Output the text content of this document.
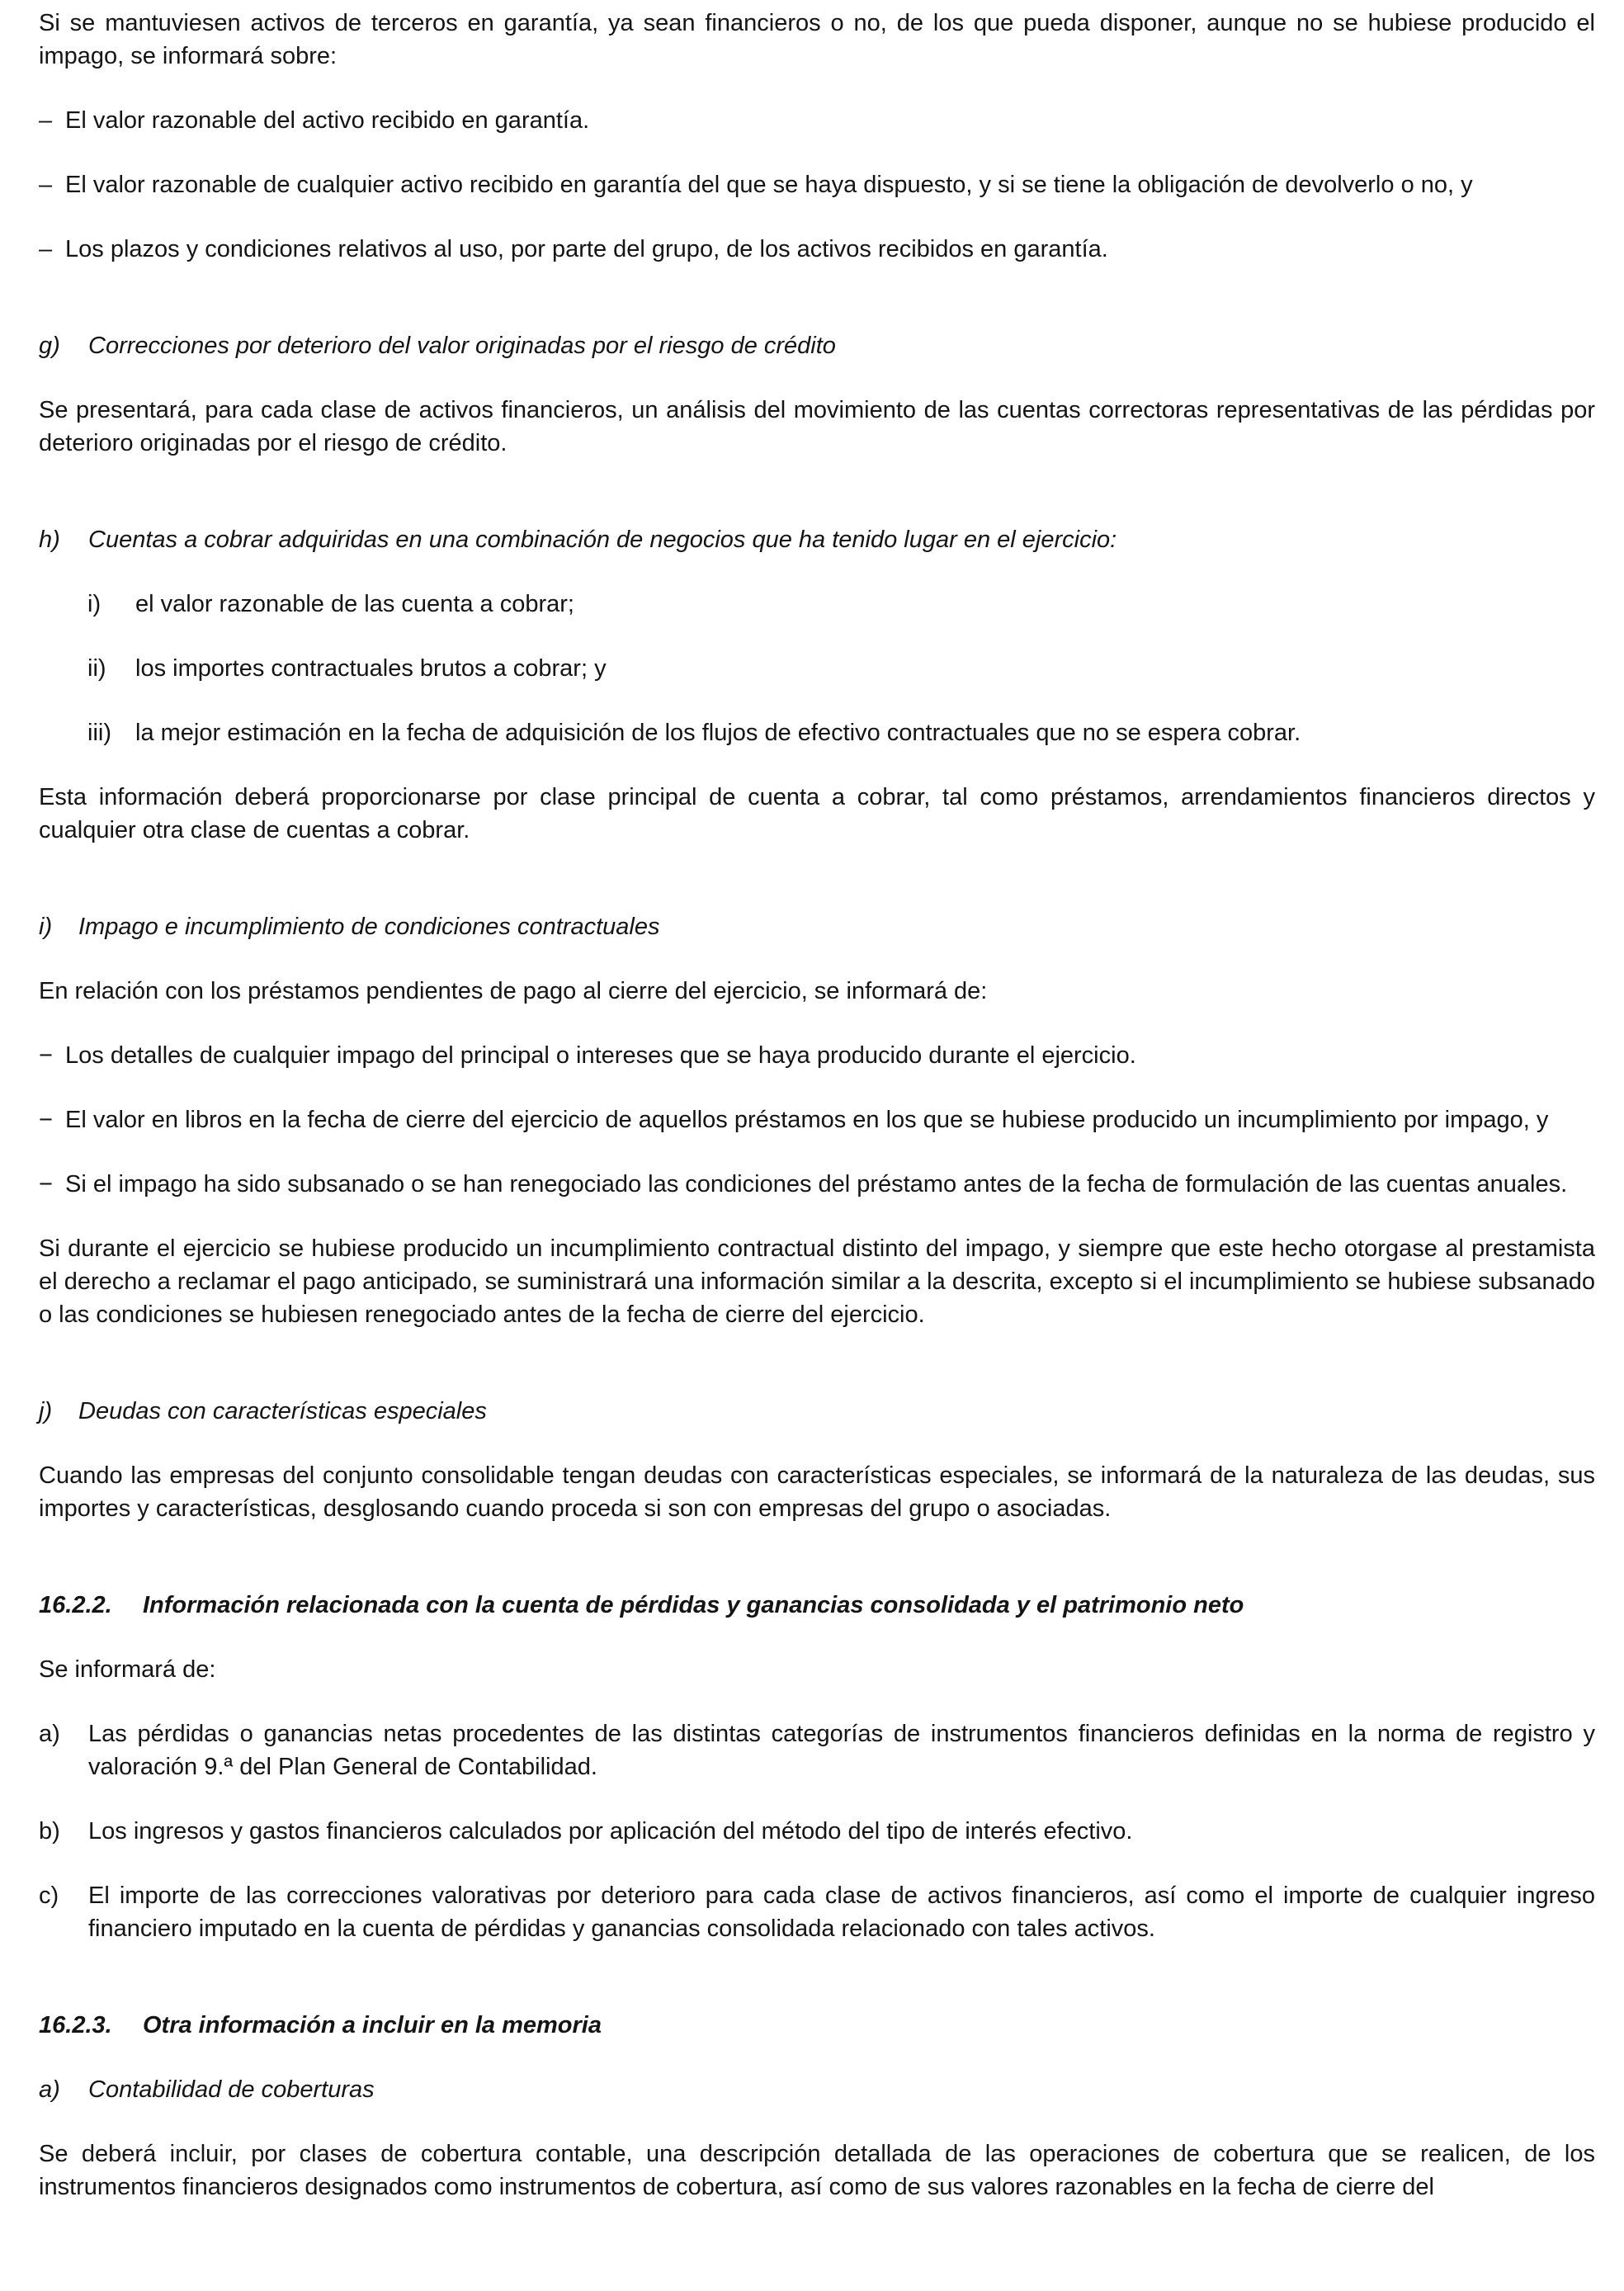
Si se mantuviesen activos de terceros en garantía, ya sean financieros o no, de los que pueda disponer, aunque no se hubiese producido el impago, se informará sobre:

– El valor razonable del activo recibido en garantía.
– El valor razonable de cualquier activo recibido en garantía del que se haya dispuesto, y si se tiene la obligación de devolverlo o no, y
– Los plazos y condiciones relativos al uso, por parte del grupo, de los activos recibidos en garantía.
g)	Correcciones por deterioro del valor originadas por el riesgo de crédito

Se presentará, para cada clase de activos financieros, un análisis del movimiento de las cuentas correctoras representativas de las pérdidas por deterioro originadas por el riesgo de crédito.

h)	Cuentas a cobrar adquiridas en una combinación de negocios que ha tenido lugar en el ejercicio:
i)	el valor razonable de las cuenta a cobrar;
ii)	los importes contractuales brutos a cobrar; y
iii)	la mejor estimación en la fecha de adquisición de los flujos de efectivo contractuales que no se espera cobrar.

Esta información deberá proporcionarse por clase principal de cuenta a cobrar, tal como préstamos, arrendamientos financieros directos y cualquier otra clase de cuentas a cobrar.

i)	Impago e incumplimiento de condiciones contractuales

En relación con los préstamos pendientes de pago al cierre del ejercicio, se informará de:

− Los detalles de cualquier impago del principal o intereses que se haya producido durante el ejercicio.
− El valor en libros en la fecha de cierre del ejercicio de aquellos préstamos en los que se hubiese producido un incumplimiento por impago, y
− Si el impago ha sido subsanado o se han renegociado las condiciones del préstamo antes de la fecha de formulación de las cuentas anuales.

Si durante el ejercicio se hubiese producido un incumplimiento contractual distinto del impago, y siempre que este hecho otorgase al prestamista el derecho a reclamar el pago anticipado, se suministrará una información similar a la descrita, excepto si el incumplimiento se hubiese subsanado o las condiciones se hubiesen renegociado antes de la fecha de cierre del ejercicio.

j)	Deudas con características especiales

Cuando las empresas del conjunto consolidable tengan deudas con características especiales, se informará de la naturaleza de las deudas, sus importes y características, desglosando cuando proceda si son con empresas del grupo o asociadas.

16.2.2.	Información relacionada con la cuenta de pérdidas y ganancias consolidada y el patrimonio neto

Se informará de:

a)	Las pérdidas o ganancias netas procedentes de las distintas categorías de instrumentos financieros definidas en la norma de registro y valoración 9.ª del Plan General de Contabilidad.
b)	Los ingresos y gastos financieros calculados por aplicación del método del tipo de interés efectivo.
c)	El importe de las correcciones valorativas por deterioro para cada clase de activos financieros, así como el importe de cualquier ingreso financiero imputado en la cuenta de pérdidas y ganancias consolidada relacionado con tales activos.
16.2.3.	Otra información a incluir en la memoria
a)	Contabilidad de coberturas

Se deberá incluir, por clases de cobertura contable, una descripción detallada de las operaciones de cobertura que se realicen, de los instrumentos financieros designados como instrumentos de cobertura, así como de sus valores razonables en la fecha de cierre del
